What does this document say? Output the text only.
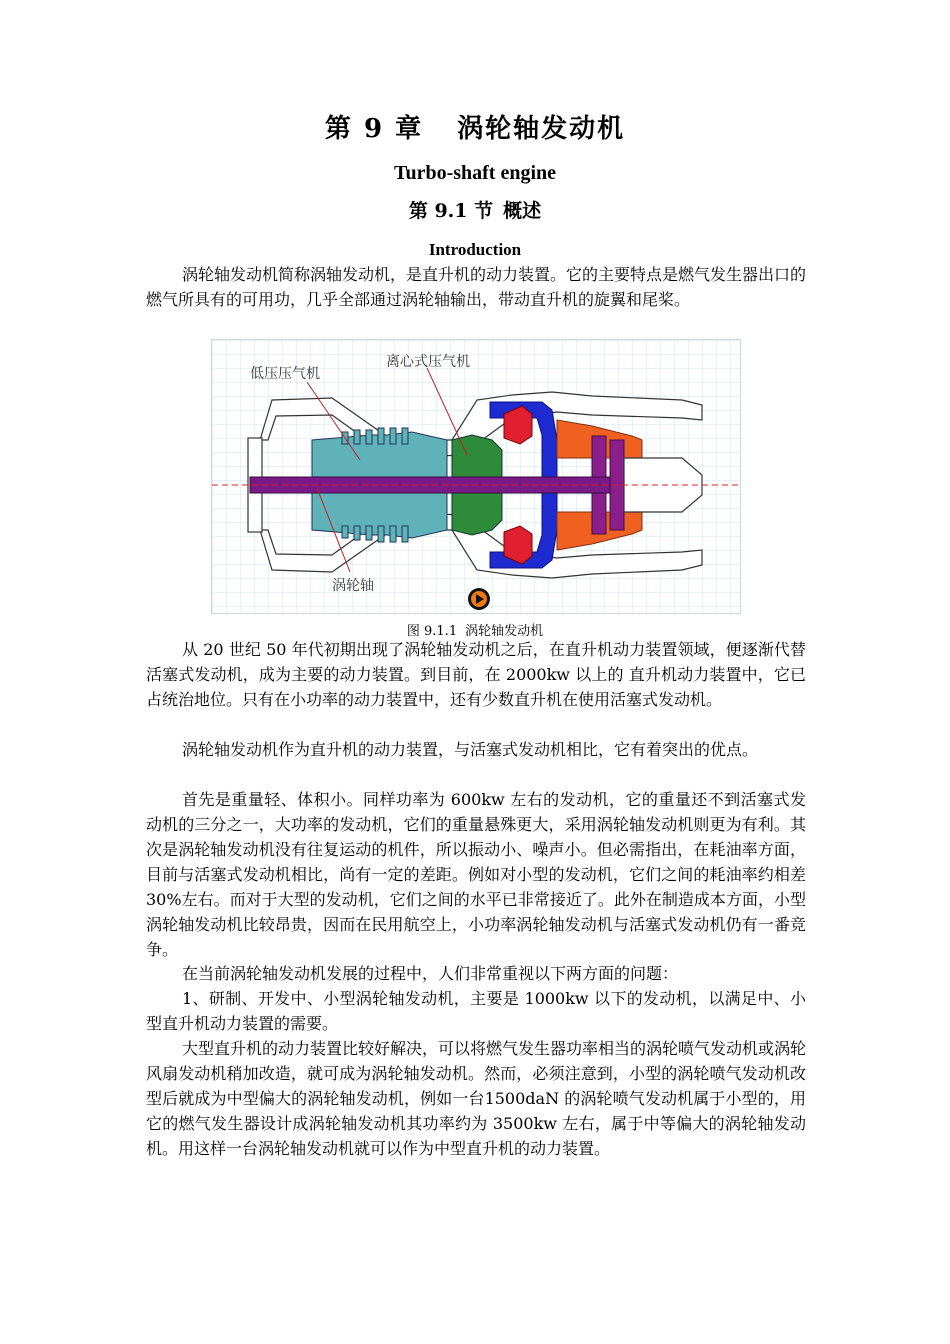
第 9 章 涡轮轴发动机
Turbo-shaft engine
第 9.1 节 概述
Introduction

涡轮轴发动机简称涡轴发动机，是直升机的动力装置。它的主要特点是燃气发生器出口的燃气所具有的可用功，几乎全部通过涡轮轴输出，带动直升机的旋翼和尾桨。

低压压气机
离心式压气机
涡轮轴
图 9.1.1 涡轮轴发动机

从 20 世纪 50 年代初期出现了涡轮轴发动机之后，在直升机动力装置领域，便逐渐代替活塞式发动机，成为主要的动力装置。到目前，在 2000kw 以上的 直升机动力装置中，它已占统治地位。只有在小功率的动力装置中，还有少数直升机在使用活塞式发动机。

涡轮轴发动机作为直升机的动力装置，与活塞式发动机相比，它有着突出的优点。

首先是重量轻、体积小。同样功率为 600kw 左右的发动机，它的重量还不到活塞式发动机的三分之一，大功率的发动机，它们的重量悬殊更大，采用涡轮轴发动机则更为有利。其次是涡轮轴发动机没有往复运动的机件，所以振动小、噪声小。但必需指出，在耗油率方面，目前与活塞式发动机相比，尚有一定的差距。例如对小型的发动机，它们之间的耗油率约相差 30%左右。而对于大型的发动机，它们之间的水平已非常接近了。此外在制造成本方面，小型涡轮轴发动机比较昂贵，因而在民用航空上，小功率涡轮轴发动机与活塞式发动机仍有一番竞争。

在当前涡轮轴发动机发展的过程中，人们非常重视以下两方面的问题：

1、研制、开发中、小型涡轮轴发动机，主要是 1000kw 以下的发动机，以满足中、小型直升机动力装置的需要。

大型直升机的动力装置比较好解决，可以将燃气发生器功率相当的涡轮喷气发动机或涡轮风扇发动机稍加改造，就可成为涡轮轴发动机。然而，必须注意到，小型的涡轮喷气发动机改型后就成为中型偏大的涡轮轴发动机，例如一台1500daN 的涡轮喷气发动机属于小型的，用它的燃气发生器设计成涡轮轴发动机其功率约为 3500kw 左右，属于中等偏大的涡轮轴发动机。用这样一台涡轮轴发动机就可以作为中型直升机的动力装置。
